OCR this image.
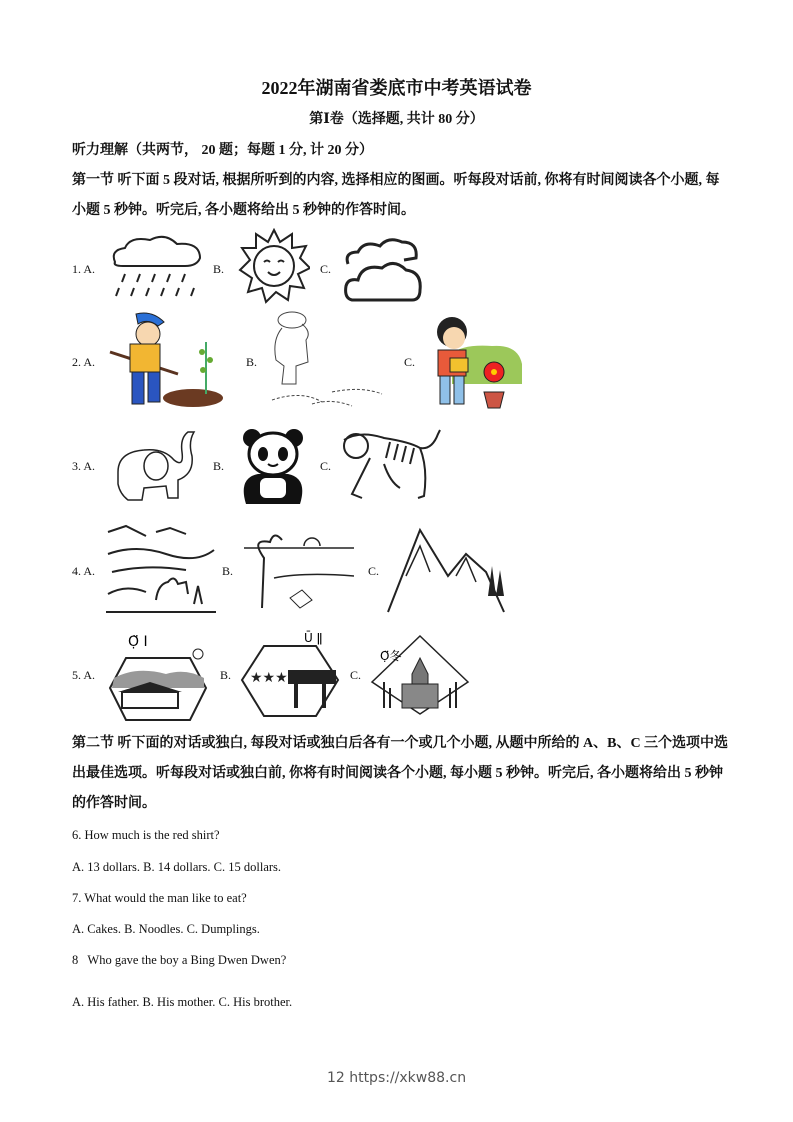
2022年湖南省娄底市中考英语试卷
第Ⅰ卷（选择题, 共计 80 分）
听力理解（共两节， 20 题；每题 1 分, 计 20 分）
第一节 听下面 5 段对话, 根据所听到的内容, 选择相应的图画。听每段对话前, 你将有时间阅读各个小题, 每小题 5 秒钟。听完后, 各小题将给出 5 秒钟的作答时间。
1. A.	B.	C.
2. A.	B.	C.
3. A.	B.	C.
4. A.	B.	C.
5. A.
Ọ̈ I
B. ★★★
Ū ǁ
C.
Ọ̈冬
第二节 听下面的对话或独白, 每段对话或独白后各有一个或几个小题, 从题中所给的 A、B、C 三个选项中选出最佳选项。听每段对话或独白前, 你将有时间阅读各个小题, 每小题 5 秒钟。听完后, 各小题将给出 5 秒钟的作答时间。
6. How much is the red shirt?
A. 13 dollars. B. 14 dollars. C. 15 dollars.
7. What would the man like to eat?
A. Cakes. B. Noodles. C. Dumplings.
8   Who gave the boy a Bing Dwen Dwen?
A. His father. B. His mother. C. His brother.
12 https://xkw88.cn
